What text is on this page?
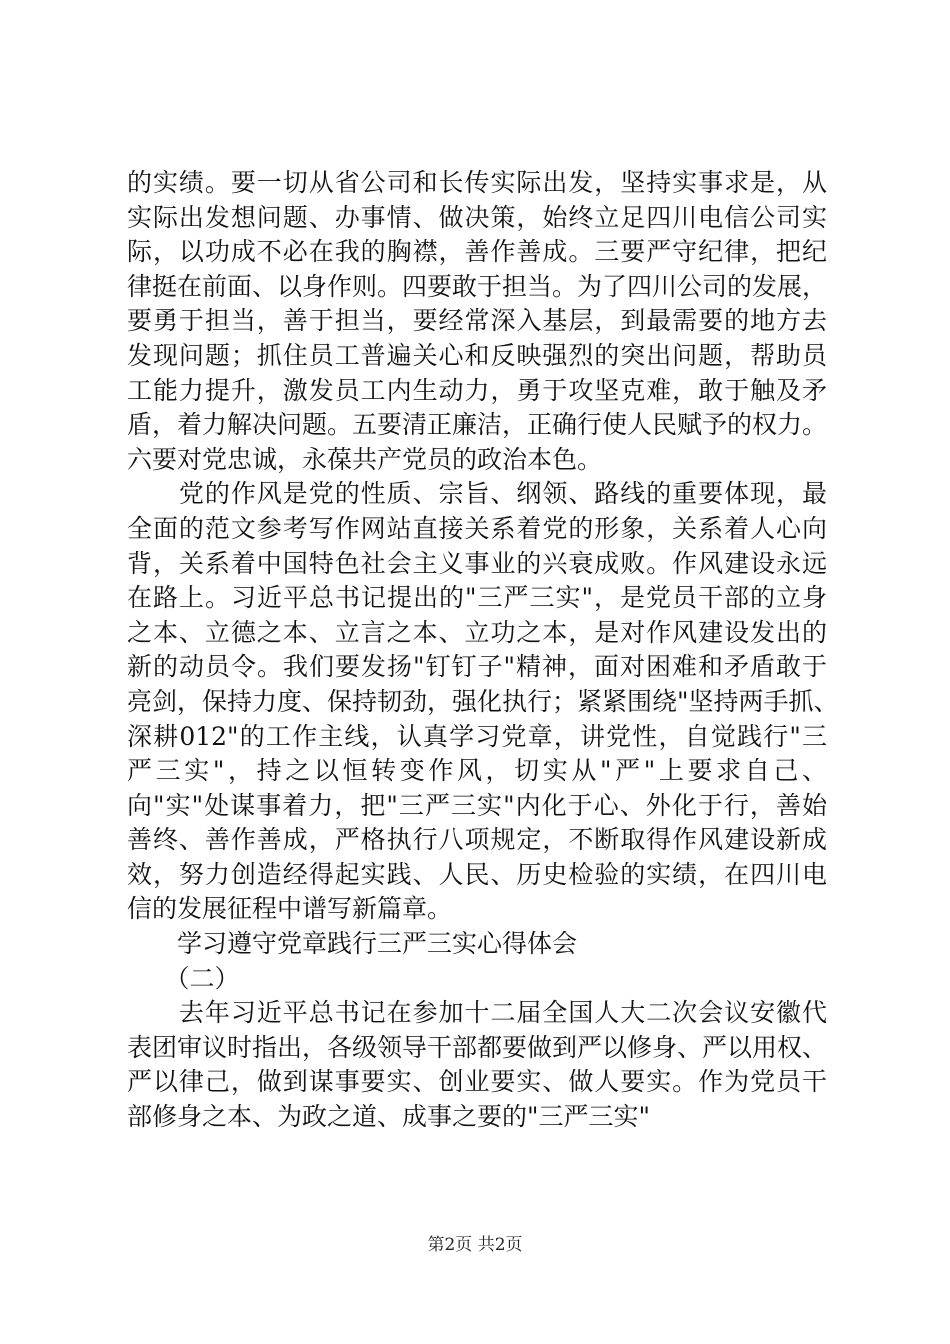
的实绩。要一切从省公司和长传实际出发，坚持实事求是，从
实际出发想问题、办事情、做决策，始终立足四川电信公司实
际，以功成不必在我的胸襟，善作善成。三要严守纪律，把纪
律挺在前面、以身作则。四要敢于担当。为了四川公司的发展，
要勇于担当，善于担当，要经常深入基层，到最需要的地方去
发现问题；抓住员工普遍关心和反映强烈的突出问题，帮助员
工能力提升，激发员工内生动力，勇于攻坚克难，敢于触及矛
盾，着力解决问题。五要清正廉洁，正确行使人民赋予的权力。
六要对党忠诚，永葆共产党员的政治本色。
　　党的作风是党的性质、宗旨、纲领、路线的重要体现，最
全面的范文参考写作网站直接关系着党的形象，关系着人心向
背，关系着中国特色社会主义事业的兴衰成败。作风建设永远
在路上。习近平总书记提出的"三严三实"，是党员干部的立身
之本、立德之本、立言之本、立功之本，是对作风建设发出的
新的动员令。我们要发扬"钉钉子"精神，面对困难和矛盾敢于
亮剑，保持力度、保持韧劲，强化执行；紧紧围绕"坚持两手抓、
深耕012"的工作主线，认真学习党章，讲党性，自觉践行"三
严三实"，持之以恒转变作风，切实从"严"上要求自己、
向"实"处谋事着力，把"三严三实"内化于心、外化于行，善始
善终、善作善成，严格执行八项规定，不断取得作风建设新成
效，努力创造经得起实践、人民、历史检验的实绩，在四川电
信的发展征程中谱写新篇章。
　　学习遵守党章践行三严三实心得体会
　　（二）
　　去年习近平总书记在参加十二届全国人大二次会议安徽代
表团审议时指出，各级领导干部都要做到严以修身、严以用权、
严以律己，做到谋事要实、创业要实、做人要实。作为党员干
部修身之本、为政之道、成事之要的"三严三实"
第2页 共2页
